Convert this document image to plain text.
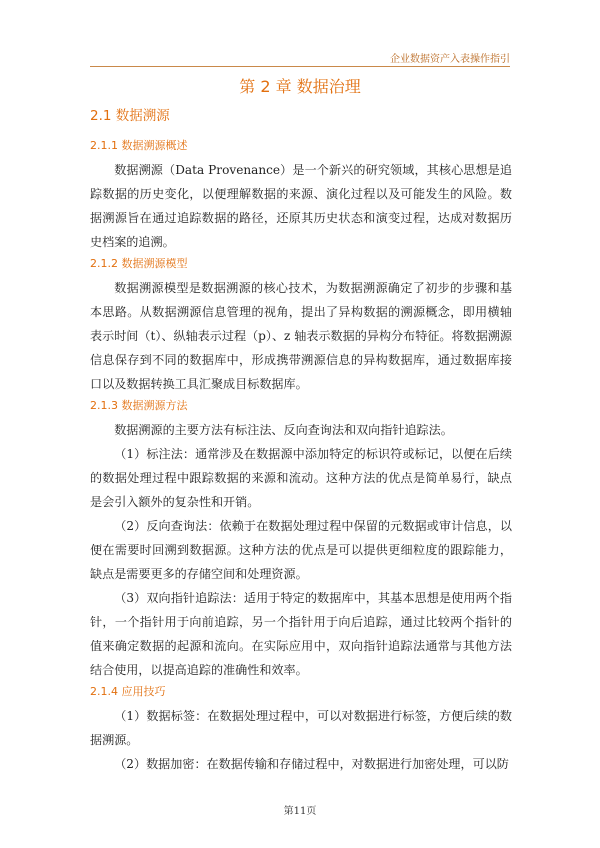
企业数据资产入表操作指引
第 2 章 数据治理
2.1 数据溯源
2.1.1 数据溯源概述

数据溯源（Data Provenance）是一个新兴的研究领域，其核心思想是追踪数据的历史变化，以便理解数据的来源、演化过程以及可能发生的风险。数据溯源旨在通过追踪数据的路径，还原其历史状态和演变过程，达成对数据历史档案的追溯。

2.1.2 数据溯源模型

数据溯源模型是数据溯源的核心技术，为数据溯源确定了初步的步骤和基本思路。从数据溯源信息管理的视角，提出了异构数据的溯源概念，即用横轴表示时间（t）、纵轴表示过程（p）、z 轴表示数据的异构分布特征。将数据溯源信息保存到不同的数据库中，形成携带溯源信息的异构数据库，通过数据库接口以及数据转换工具汇聚成目标数据库。

2.1.3 数据溯源方法

数据溯源的主要方法有标注法、反向查询法和双向指针追踪法。

（1）标注法：通常涉及在数据源中添加特定的标识符或标记，以便在后续的数据处理过程中跟踪数据的来源和流动。这种方法的优点是简单易行，缺点是会引入额外的复杂性和开销。

（2）反向查询法：依赖于在数据处理过程中保留的元数据或审计信息，以便在需要时回溯到数据源。这种方法的优点是可以提供更细粒度的跟踪能力，缺点是需要更多的存储空间和处理资源。

（3）双向指针追踪法：适用于特定的数据库中，其基本思想是使用两个指针，一个指针用于向前追踪，另一个指针用于向后追踪，通过比较两个指针的值来确定数据的起源和流向。在实际应用中，双向指针追踪法通常与其他方法结合使用，以提高追踪的准确性和效率。

2.1.4 应用技巧

（1）数据标签：在数据处理过程中，可以对数据进行标签，方便后续的数据溯源。

（2）数据加密：在数据传输和存储过程中，对数据进行加密处理，可以防

第11页
